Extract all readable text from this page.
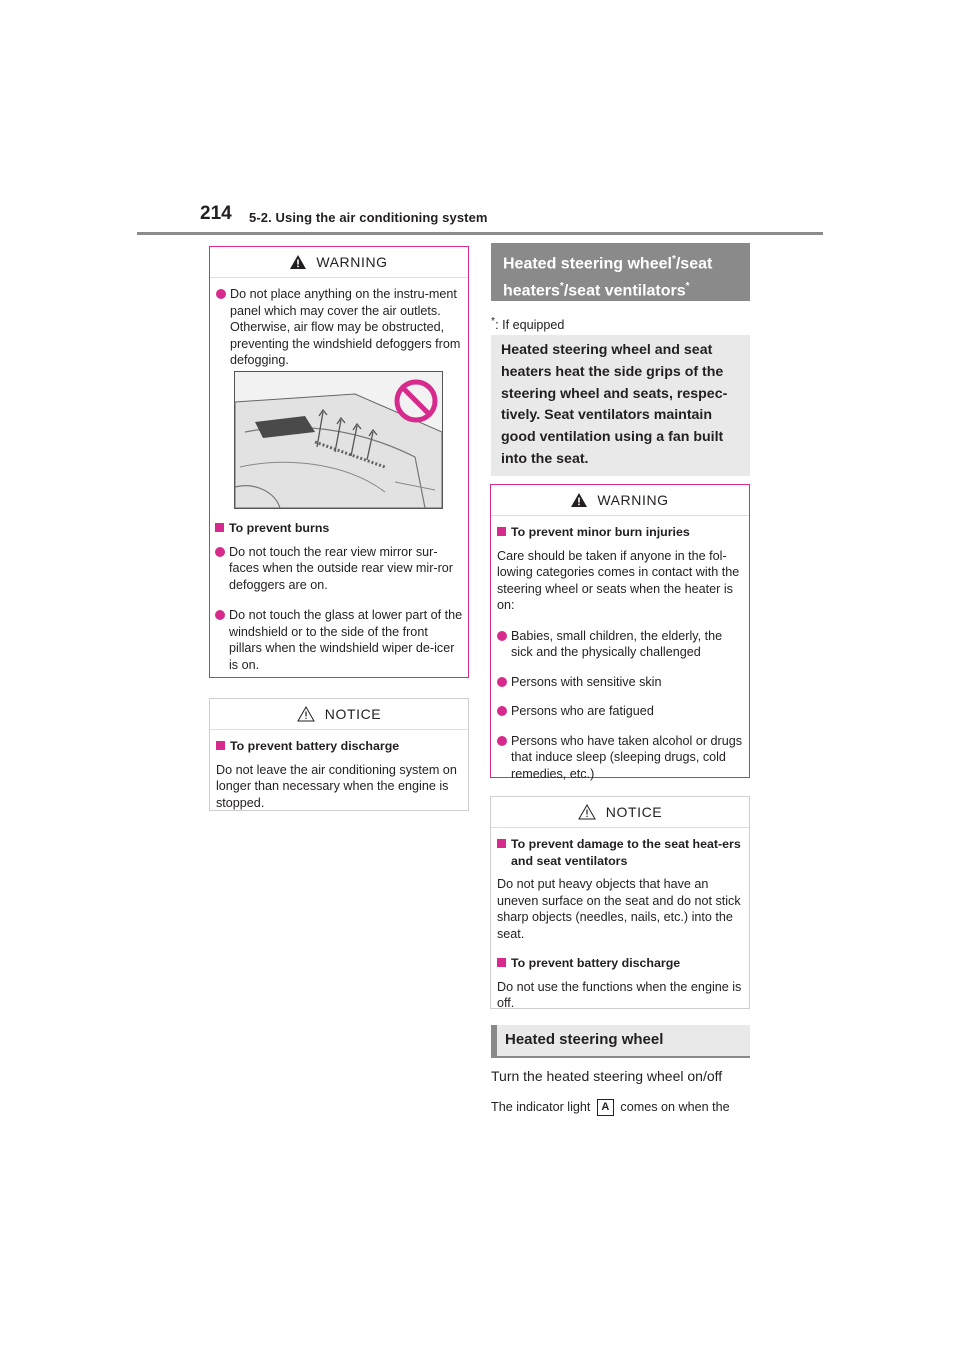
214 5-2. Using the air conditioning system
WARNING
Do not place anything on the instru-ment panel which may cover the air outlets. Otherwise, air flow may be obstructed, preventing the windshield defoggers from defogging.
To prevent burns
Do not touch the rear view mirror sur-faces when the outside rear view mir-ror defoggers are on.
Do not touch the glass at lower part of the windshield or to the side of the front pillars when the windshield wiper de-icer is on.
NOTICE
To prevent battery discharge
Do not leave the air conditioning system on longer than necessary when the engine is stopped.
Heated steering wheel*/seat
heaters*/seat ventilators*
*: If equipped
Heated steering wheel and seat heaters heat the side grips of the steering wheel and seats, respec-tively. Seat ventilators maintain good ventilation using a fan built into the seat.
WARNING
To prevent minor burn injuries
Care should be taken if anyone in the fol-lowing categories comes in contact with the steering wheel or seats when the heater is on:
Babies, small children, the elderly, the sick and the physically challenged
Persons with sensitive skin
Persons who are fatigued
Persons who have taken alcohol or drugs that induce sleep (sleeping drugs, cold remedies, etc.)
NOTICE
To prevent damage to the seat heat-ers and seat ventilators
Do not put heavy objects that have an uneven surface on the seat and do not stick sharp objects (needles, nails, etc.) into the seat.
To prevent battery discharge
Do not use the functions when the engine is off.
Heated steering wheel
Turn the heated steering wheel on/off
The indicator light A comes on when the
